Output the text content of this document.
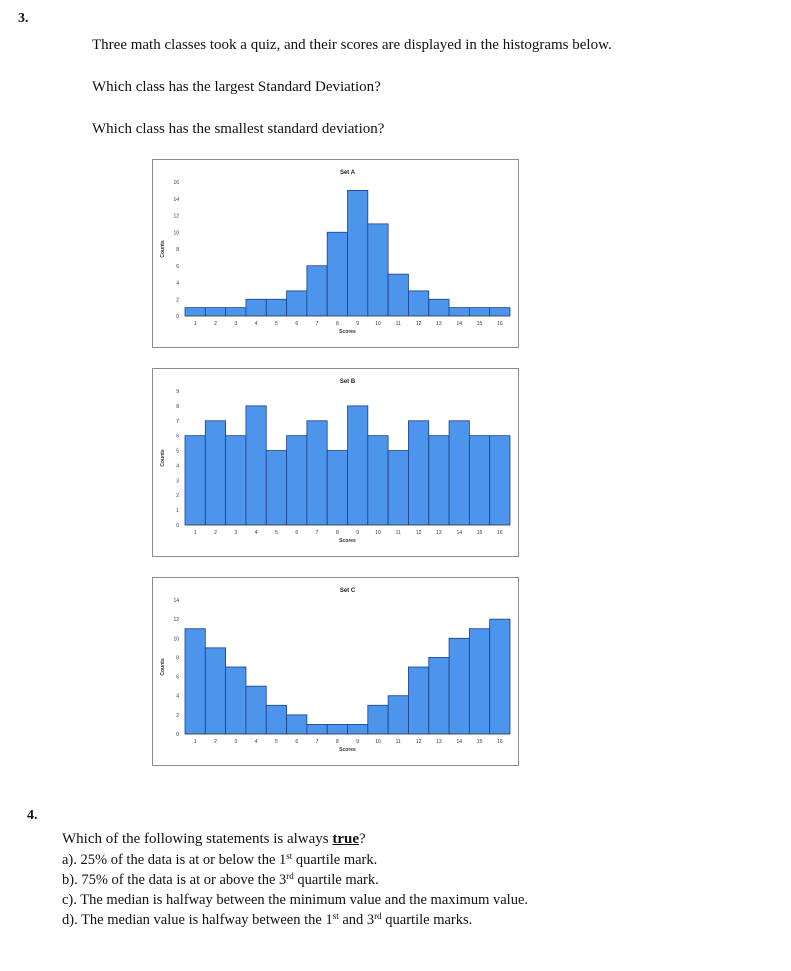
3.
Three math classes took a quiz, and their scores are displayed in the histograms below.
Which class has the largest Standard Deviation?
Which class has the smallest standard deviation?
Set A
0
2
4
6
8
10
12
14
16
Counts
1	2	3	4	5	6	7	8	9	10	11	12	13	14	15	16
Scores
Set B
0
1
2
3
4
5
6
7
8
9
Counts
1	2	3	4	5	6	7	8	9	10	11	12	13	14	15	16
Scores
Set C
0
2
4
6
8
10
12
14
Counts
1	2	3	4	5	6	7	8	9	10	11	12	13	14	15	16
Scores
4.
Which of the following statements is always true?
a). 25% of the data is at or below the 1st quartile mark.
b). 75% of the data is at or above the 3rd quartile mark.
c). The median is halfway between the minimum value and the maximum value.
d). The median value is halfway between the 1st and 3rd quartile marks.
